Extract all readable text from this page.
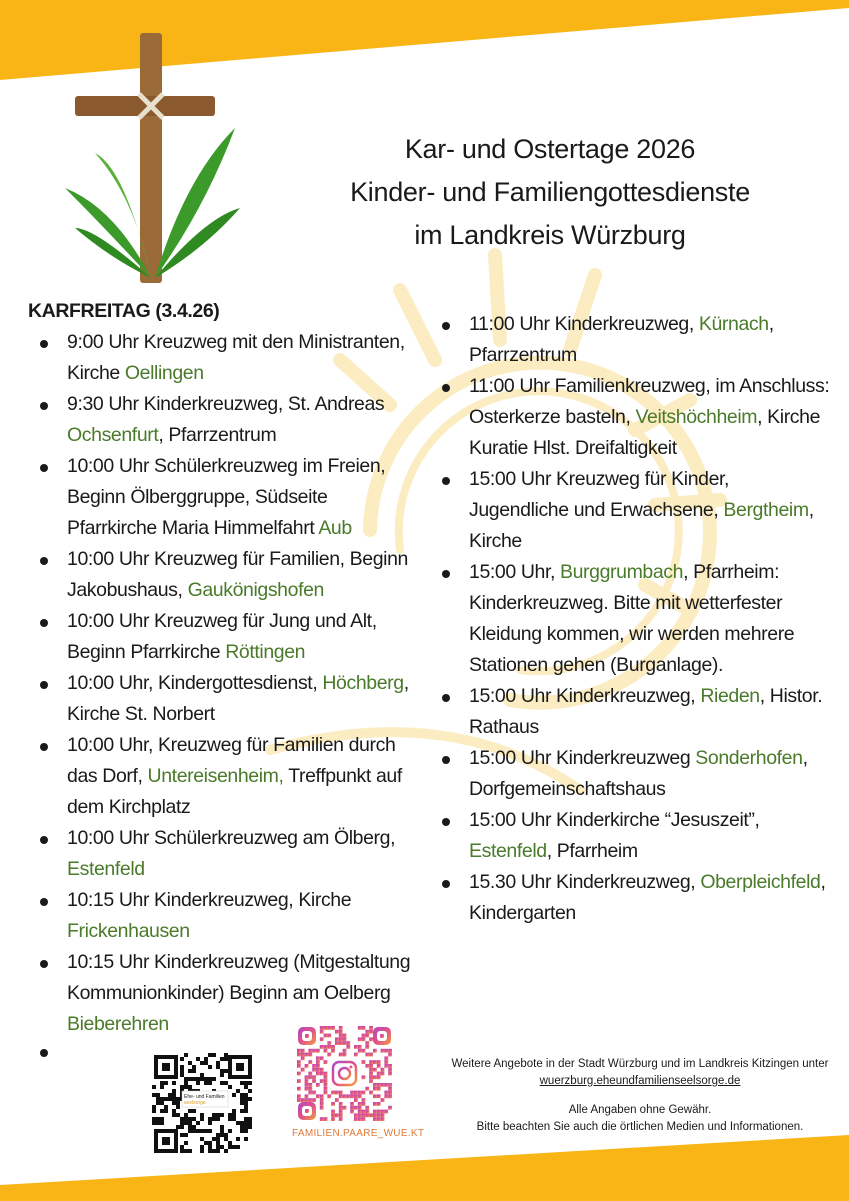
Kar- und Ostertage 2026
Kinder- und Familiengottesdienste
im Landkreis Würzburg
KARFREITAG (3.4.26)
9:00 Uhr Kreuzweg mit den Ministranten, Kirche Oellingen
9:30 Uhr Kinderkreuzweg, St. Andreas Ochsenfurt, Pfarrzentrum
10:00 Uhr Schülerkreuzweg im Freien, Beginn Ölberggruppe, Südseite Pfarrkirche Maria Himmelfahrt Aub
10:00 Uhr Kreuzweg für Familien, Beginn Jakobushaus, Gaukönigshofen
10:00 Uhr Kreuzweg für Jung und Alt, Beginn Pfarrkirche Röttingen
10:00 Uhr, Kindergottesdienst, Höchberg, Kirche St. Norbert
10:00 Uhr, Kreuzweg für Familien durch das Dorf, Untereisenheim, Treffpunkt auf dem Kirchplatz
10:00 Uhr Schülerkreuzweg am Ölberg, Estenfeld
10:15 Uhr Kinderkreuzweg, Kirche Frickenhausen
10:15 Uhr Kinderkreuzweg (Mitgestaltung Kommunionkinder) Beginn am Oelberg Bieberehren
11:00 Uhr Kinderkreuzweg, Kürnach, Pfarrzentrum
11:00 Uhr Familienkreuzweg, im Anschluss: Osterkerze basteln, Veitshöchheim, Kirche Kuratie Hlst. Dreifaltigkeit
15:00 Uhr Kreuzweg für Kinder, Jugendliche und Erwachsene, Bergtheim, Kirche
15:00 Uhr, Burggrumbach, Pfarrheim: Kinderkreuzweg. Bitte mit wetterfester Kleidung kommen, wir werden mehrere Stationen gehen (Burganlage).
15:00 Uhr Kinderkreuzweg, Rieden, Histor. Rathaus
15:00 Uhr Kinderkreuzweg Sonderhofen, Dorfgemeinschaftshaus
15:00 Uhr Kinderkirche “Jesuszeit”, Estenfeld, Pfarrheim
15.30 Uhr Kinderkreuzweg, Oberpleichfeld, Kindergarten
Ehe- und Familien
seelsorge
FAMILIEN.PAARE_WUE.KT
Weitere Angebote in der Stadt Würzburg und im Landkreis Kitzingen unter
wuerzburg.eheundfamilienseelsorge.de
Alle Angaben ohne Gewähr.
Bitte beachten Sie auch die örtlichen Medien und Informationen.
